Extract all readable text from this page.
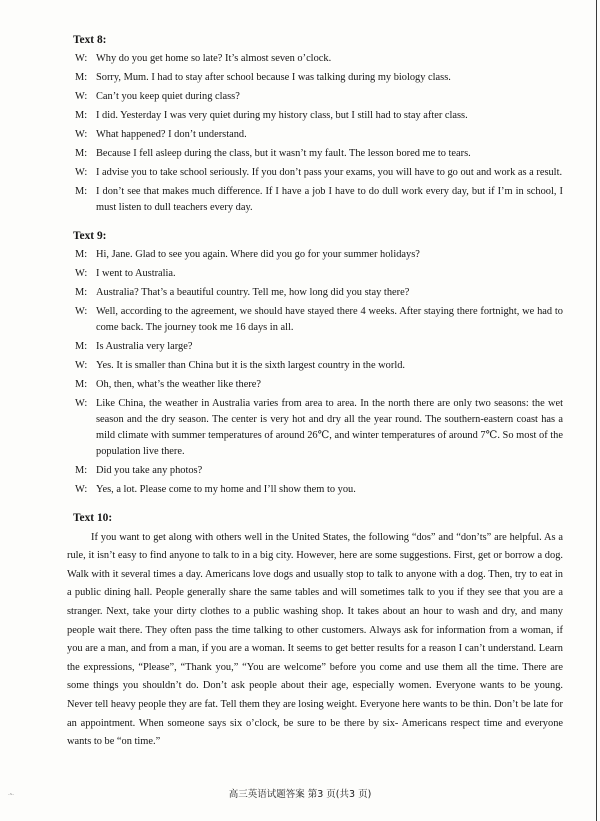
Text 8:
W: Why do you get home so late? It’s almost seven o’clock.
M: Sorry, Mum. I had to stay after school because I was talking during my biology class.
W: Can’t you keep quiet during class?
M: I did. Yesterday I was very quiet during my history class, but I still had to stay after class.
W: What happened? I don’t understand.
M: Because I fell asleep during the class, but it wasn’t my fault. The lesson bored me to tears.
W: I advise you to take school seriously. If you don’t pass your exams, you will have to go out and work as a result.
M: I don’t see that makes much difference. If I have a job I have to do dull work every day, but if I’m in school, I must listen to dull teachers every day.
Text 9:
M: Hi, Jane. Glad to see you again. Where did you go for your summer holidays?
W: I went to Australia.
M: Australia? That’s a beautiful country. Tell me, how long did you stay there?
W: Well, according to the agreement, we should have stayed there 4 weeks. After staying there fortnight, we had to come back. The journey took me 16 days in all.
M: Is Australia very large?
W: Yes. It is smaller than China but it is the sixth largest country in the world.
M: Oh, then, what’s the weather like there?
W: Like China, the weather in Australia varies from area to area. In the north there are only two seasons: the wet season and the dry season. The center is very hot and dry all the year round. The southern-eastern coast has a mild climate with summer temperatures of around 26℃, and winter temperatures of around 7℃. So most of the population live there.
M: Did you take any photos?
W: Yes, a lot. Please come to my home and I’ll show them to you.
Text 10:
If you want to get along with others well in the United States, the following “dos” and “don’ts” are helpful. As a rule, it isn’t easy to find anyone to talk to in a big city. However, here are some suggestions. First, get or borrow a dog. Walk with it several times a day. Americans love dogs and usually stop to talk to anyone with a dog. Then, try to eat in a public dining hall. People generally share the same tables and will sometimes talk to you if they see that you are a stranger. Next, take your dirty clothes to a public washing shop. It takes about an hour to wash and dry, and many people wait there. They often pass the time talking to other customers. Always ask for information from a woman, if you are a man, and from a man, if you are a woman. It seems to get better results for a reason I can’t understand. Learn the expressions, “Please”, “Thank you,” “You are welcome” before you come and use them all the time. There are some things you shouldn’t do. Don’t ask people about their age, especially women. Everyone wants to be young. Never tell heavy people they are fat. Tell them they are losing weight. Everyone here wants to be thin. Don’t be late for an appointment. When someone says six o’clock, be sure to be there by six- Americans respect time and everyone wants to be “on time.”
高三英语试题答案 第3 页(共3 页)
·ˢ·
